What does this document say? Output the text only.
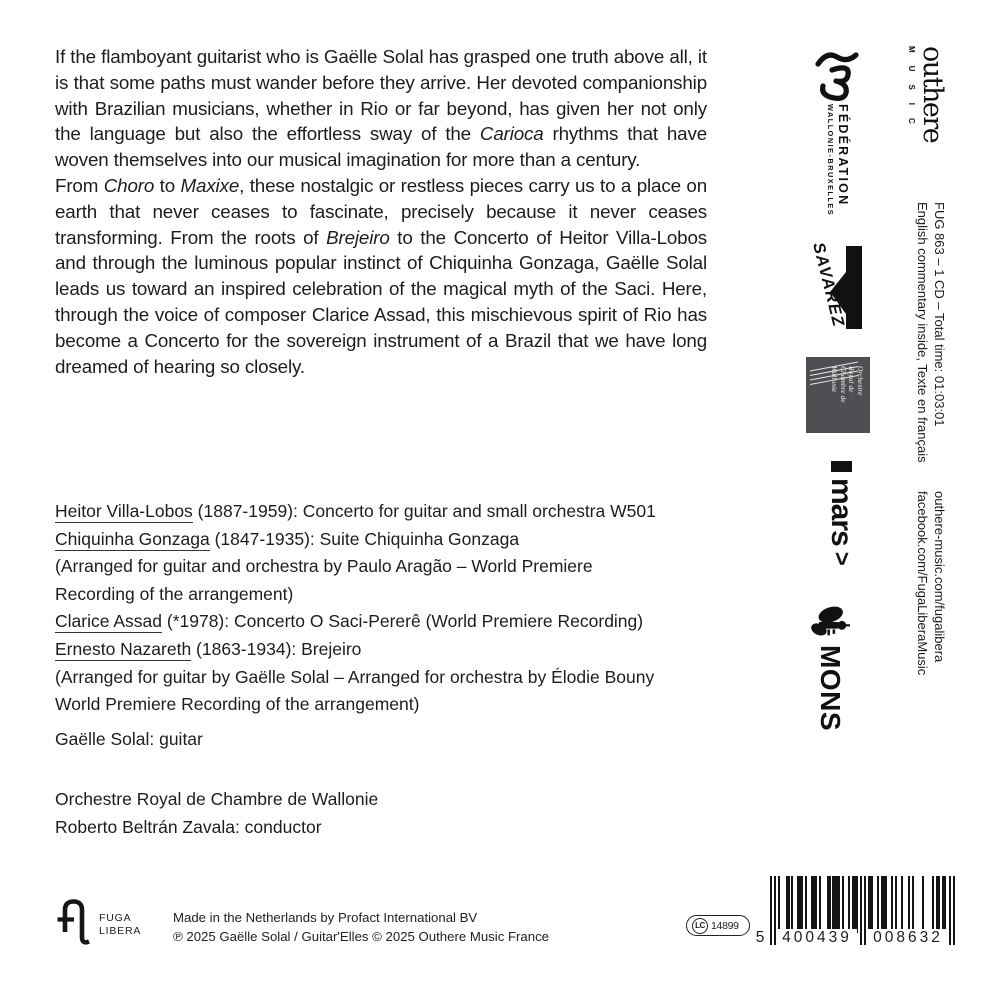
If the flamboyant guitarist who is Gaëlle Solal has grasped one truth above all, it is that some paths must wander before they arrive. Her devoted companionship with Brazilian musicians, whether in Rio or far beyond, has given her not only the language but also the effortless sway of the Carioca rhythms that have woven themselves into our musical imagination for more than a century.

From Choro to Maxixe, these nostalgic or restless pieces carry us to a place on earth that never ceases to fascinate, precisely because it never ceases transforming. From the roots of Brejeiro to the Concerto of Heitor Villa-Lobos and through the luminous popular instinct of Chiquinha Gonzaga, Gaëlle Solal leads us toward an inspired celebration of the magical myth of the Saci. Here, through the voice of composer Clarice Assad, this mischievous spirit of Rio has become a Concerto for the sovereign instrument of a Brazil that we have long dreamed of hearing so closely.

Heitor Villa-Lobos (1887-1959): Concerto for guitar and small orchestra W501
Chiquinha Gonzaga (1847-1935): Suite Chiquinha Gonzaga
(Arranged for guitar and orchestra by Paulo Aragão – World Premiere
Recording of the arrangement)
Clarice Assad (*1978): Concerto O Saci-Pererê (World Premiere Recording)
Ernesto Nazareth (1863-1934): Brejeiro
(Arranged for guitar by Gaëlle Solal – Arranged for orchestra by Élodie Bouny
World Premiere Recording of the arrangement)
Gaëlle Solal: guitar
Orchestre Royal de Chambre de Wallonie
Roberto Beltrán Zavala: conductor
FUGA
LIBERA
Made in the Netherlands by Profact International BV
℗ 2025 Gaëlle Solal / Guitar'Elles © 2025 Outhere Music France
LC 14899
5	400439	008632
outhere
MUSIC
FUG 863 – 1 CD – Total time: 01:03:01
English commentary inside, Texte en français
outhere-music.com/fugalibera
facebook.com/FugaLiberaMusic
FÉDÉRATION
WALLONIE-BRUXELLES
SAVAREZ
Orchestre
Royal de
Chambre de
Wallonie
mars
>
MONS
